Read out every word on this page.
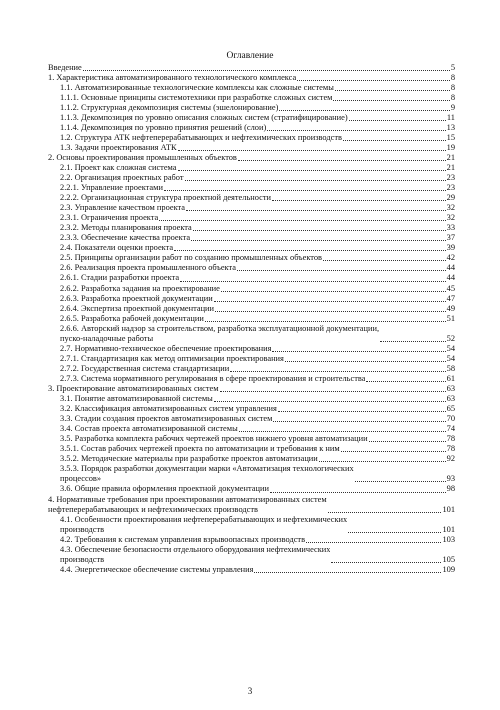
Оглавление
Введение	5
1. Характеристика автоматизированного технологического комплекса	8
1.1. Автоматизированные технологические комплексы как сложные системы	8
1.1.1. Основные принципы системотехники при разработке сложных систем	8
1.1.2. Структурная декомпозиция системы (эшелонирование)	9
1.1.3. Декомпозиция по уровню описания сложных систем (стратифицирование)	11
1.1.4. Декомпозиция по уровню принятия решений (слои)	13
1.2. Структура АТК нефтеперерабатывающих и нефтехимических производств	15
1.3. Задачи проектирования АТК	19
2. Основы проектирования промышленных объектов	21
2.1. Проект как сложная система	21
2.2. Организация проектных работ	23
2.2.1. Управление проектами	23
2.2.2. Организационная структура проектной деятельности	29
2.3. Управление качеством проекта	32
2.3.1. Ограничения проекта	32
2.3.2. Методы планирования проекта	33
2.3.3. Обеспечение качества проекта	37
2.4. Показатели оценки проекта	39
2.5. Принципы организации работ по созданию промышленных объектов	42
2.6. Реализация проекта промышленного объекта	44
2.6.1. Стадии разработки проекта	44
2.6.2. Разработка задания на проектирование	45
2.6.3. Разработка проектной документации	47
2.6.4. Экспертиза проектной документации	49
2.6.5. Разработка рабочей документации	51
2.6.6. Авторский надзор за строительством, разработка эксплуатационной документации,
пуско-наладочные работы	52
2.7. Нормативно-техническое обеспечение проектирования	54
2.7.1. Стандартизация как метод оптимизации проектирования	54
2.7.2. Государственная система стандартизации	58
2.7.3. Система нормативного регулирования в сфере проектирования и строительства	61
3. Проектирование автоматизированных систем	63
3.1. Понятие автоматизированной системы	63
3.2. Классификация автоматизированных систем управления	65
3.3. Стадии создания проектов автоматизированных систем	70
3.4. Состав проекта автоматизированной системы	74
3.5. Разработка комплекта рабочих чертежей проектов нижнего уровня автоматизации	78
3.5.1. Состав рабочих чертежей проекта по автоматизации и требования к ним	78
3.5.2. Методические материалы при разработке проектов автоматизации	92
3.5.3. Порядок разработки документации марки «Автоматизация технологических
процессов»	93
3.6. Общие правила оформления проектной документации	98
4. Нормативные требования при проектировании автоматизированных систем
нефтеперерабатывающих и нефтехимических производств	101
4.1. Особенности проектирования нефтеперерабатывающих и нефтехимических
производств	101
4.2. Требования к системам управления взрывоопасных производств	103
4.3. Обеспечение безопасности отдельного оборудования нефтехимических
производств	105
4.4. Энергетическое обеспечение системы управления	109
3
